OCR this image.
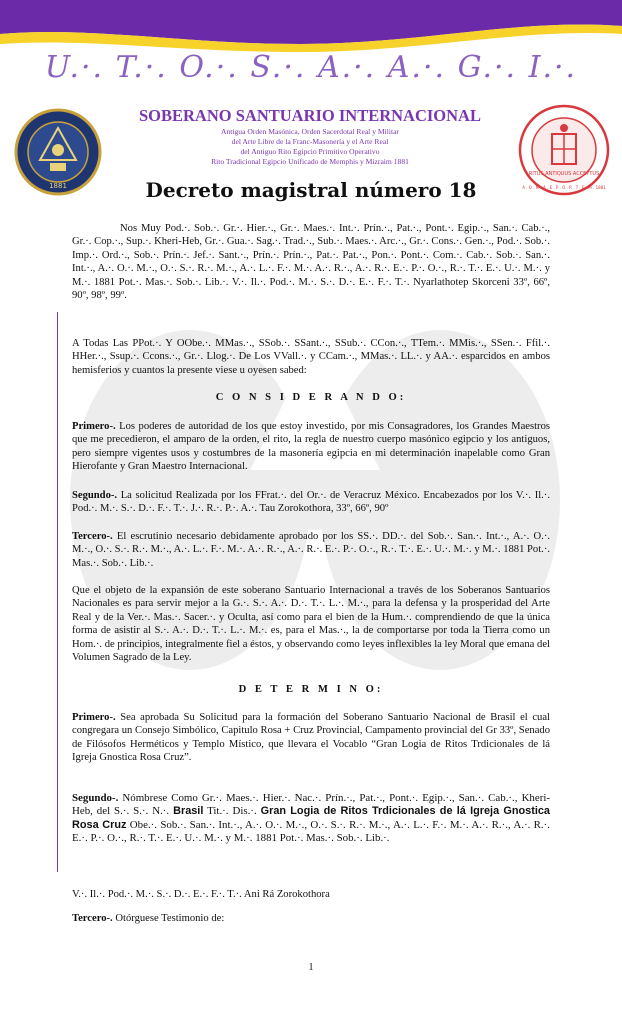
U.·. T.·. O.·. S.·. A.·. A.·. G.·. I.·.
1881
RITUS ANTIQUUS ACCEPTUS
A . O . M . A . E . P . O . R . T . E . M . 1881
SOBERANO SANTUARIO INTERNACIONAL
Antigua Orden Masónica, Orden Sacerdotal Real y Militar
del Arte Libre de la Franc-Masonería y el Arte Real
del Antiguo Rito Egipcio Primitivo Operativo
Rito Tradicional Egipcio Unificado de Memphis y Mizraim 1881
Decreto magistral número 18

Nos Muy Pod.·. Sob.·. Gr.·. Hier.·., Gr.·. Maes.·. Int.·. Prín.·., Pat.·., Pont.·. Egip.·., San.·. Cab.·., Gr.·. Cop.·., Sup.·. Kheri-Heb, Gr.·. Gua.·. Sag.·. Trad.·., Sub.·. Maes.·. Arc.·., Gr.·. Cons.·. Gen.·., Pod.·. Sob.·. Imp.·. Ord.·., Sob.·. Prín.·. Jef.·. Sant.·., Prín.·. Prín.·., Pat.·. Pat.·., Pon.·. Pont.·. Com.·. Cab.·. Sob.·. San.·. Int.·., A.·. O.·. M.·., O.·. S.·. R.·. M.·., A.·. L.·. F.·. M.·. A.·. R.·., A.·. R.·. E.·. P.·. O.·., R.·. T.·. E.·. U.·. M.·. y M.·. 1881 Pot.·. Mas.·. Sob.·. Lib.·. V.·. Il.·. Pod.·. M.·. S.·. D.·. E.·. F.·. T.·. Nyarlathotep Skorceni 33º, 66º, 90º, 98º, 99º.

A Todas Las PPot.·. Y OObe.·. MMas.·., SSob.·. SSant.·., SSub.·. CCon.·., TTem.·. MMis.·., SSen.·. Ffil.·. HHer.·., Ssup.·. Ccons.·., Gr.·. Llog.·. De Los VVall.·. y CCam.·., MMas.·. LL.·. y AA.·. esparcidos en ambos hemisferios y cuantos la presente viese u oyesen sabed:

C O N S I D E R A N D O:

Primero-. Los poderes de autoridad de los que estoy investido, por mis Consagradores, los Grandes Maestros que me precedieron, el amparo de la orden, el rito, la regla de nuestro cuerpo masónico egipcio y los antiguos, pero siempre vigentes usos y costumbres de la masonería egipcia en mi determinación inapelable como Gran Hierofante y Gran Maestro Internacional.

Segundo-. La solicitud Realizada por los FFrat.·. del Or.·. de Veracruz México. Encabezados por los V.·. Il.·. Pod.·. M.·. S.·. D.·. F.·. T.·. J.·. R.·. P.·. A.·. Tau Zorokothora, 33º, 66º, 90º

Tercero-. El escrutinio necesario debidamente aprobado por los SS.·. DD.·. del Sob.·. San.·. Int.·., A.·. O.·. M.·., O.·. S.·. R.·. M.·., A.·. L.·. F.·. M.·. A.·. R.·., A.·. R.·. E.·. P.·. O.·., R.·. T.·. E.·. U.·. M.·. y M.·. 1881 Pot.·. Mas.·. Sob.·. Lib.·.

Que el objeto de la expansión de este soberano Santuario Internacional a través de los Soberanos Santuarios Nacionales es para servir mejor a la G.·. S.·. A.·. D.·. T.·. L.·. M.·., para la defensa y la prosperidad del Arte Real y de la Ver.·. Mas.·. Sacer.·. y Oculta, así como para el bien de la Hum.·. comprendiendo de que la única forma de asistir al S.·. A.·. D.·. T.·. L.·. M.·. es, para el Mas.·., la de comportarse por toda la Tierra como un Hom.·. de principios, integralmente fiel a éstos, y observando como leyes inflexibles la ley Moral que emana del Volumen Sagrado de la Ley.

D E T E R M I N O:

Primero-. Sea aprobada Su Solicitud para la formación del Soberano Santuario Nacional de Brasil el cual congregara un Consejo Simbólico, Capitulo Rosa + Cruz Provincial, Campamento provincial del Gr 33º, Senado de Filósofos Herméticos y Templo Místico, que llevara el Vocablo “Gran Logia de Ritos Trdicionales de lá Igreja Gnostica Rosa Cruz”.

Segundo-. Nómbrese Como Gr.·. Maes.·. Hier.·. Nac.·. Prín.·., Pat.·., Pont.·. Egip.·., San.·. Cab.·., Kheri-Heb, del S.·. S.·. N.·. Brasil Tit.·. Dis.·. Gran Logia de Ritos Trdicionales de lá Igreja Gnostica Rosa Cruz Obe.·. Sob.·. San.·. Int.·., A.·. O.·. M.·., O.·. S.·. R.·. M.·., A.·. L.·. F.·. M.·. A.·. R.·., A.·. R.·. E.·. P.·. O.·., R.·. T.·. E.·. U.·. M.·. y M.·. 1881 Pot.·. Mas.·. Sob.·. Lib.·.

V.·. Il.·. Pod.·. M.·. S.·. D.·. E.·. F.·. T.·. Ani Rá Zorokothora

Tercero-. Otórguese Testimonio de:

1
